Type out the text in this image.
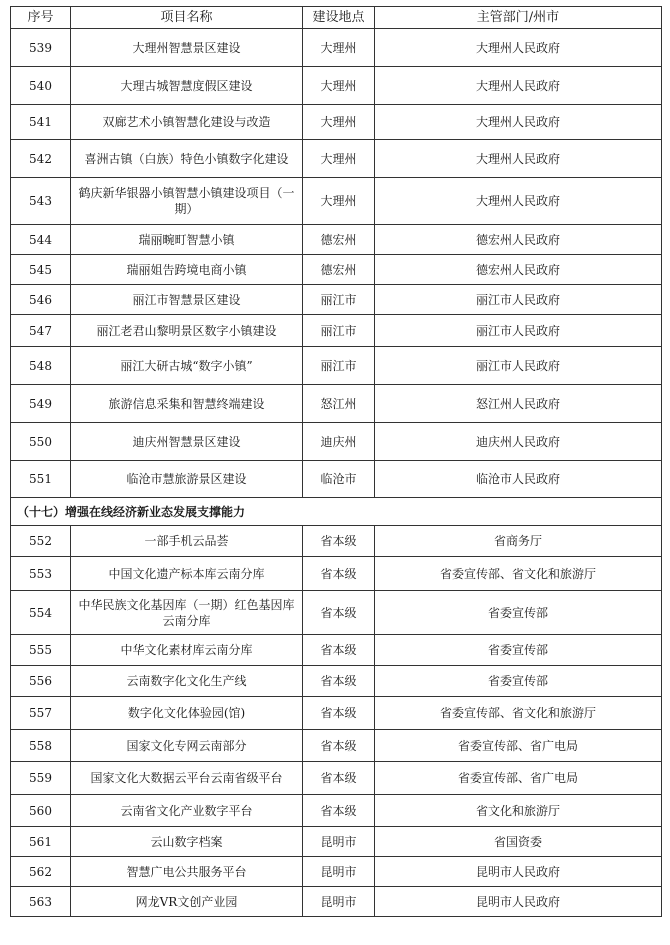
序号	项目名称	建设地点	主管部门/州市
539	大理州智慧景区建设	大理州	大理州人民政府
540	大理古城智慧度假区建设	大理州	大理州人民政府
541	双廊艺术小镇智慧化建设与改造	大理州	大理州人民政府
542	喜洲古镇（白族）特色小镇数字化建设	大理州	大理州人民政府
543	鹤庆新华银器小镇智慧小镇建设项目（一期）	大理州	大理州人民政府
544	瑞丽畹町智慧小镇	德宏州	德宏州人民政府
545	瑞丽姐告跨境电商小镇	德宏州	德宏州人民政府
546	丽江市智慧景区建设	丽江市	丽江市人民政府
547	丽江老君山黎明景区数字小镇建设	丽江市	丽江市人民政府
548	丽江大研古城“数字小镇”	丽江市	丽江市人民政府
549	旅游信息采集和智慧终端建设	怒江州	怒江州人民政府
550	迪庆州智慧景区建设	迪庆州	迪庆州人民政府
551	临沧市慧旅游景区建设	临沧市	临沧市人民政府
（十七）增强在线经济新业态发展支撑能力			
552	一部手机云品荟	省本级	省商务厅
553	中国文化遗产标本库云南分库	省本级	省委宣传部、省文化和旅游厅
554	中华民族文化基因库（一期）红色基因库云南分库	省本级	省委宣传部
555	中华文化素材库云南分库	省本级	省委宣传部
556	云南数字化文化生产线	省本级	省委宣传部
557	数字化文化体验园(馆)	省本级	省委宣传部、省文化和旅游厅
558	国家文化专网云南部分	省本级	省委宣传部、省广电局
559	国家文化大数据云平台云南省级平台	省本级	省委宣传部、省广电局
560	云南省文化产业数字平台	省本级	省文化和旅游厅
561	云山数字档案	昆明市	省国资委
562	智慧广电公共服务平台	昆明市	昆明市人民政府
563	网龙VR文创产业园	昆明市	昆明市人民政府
